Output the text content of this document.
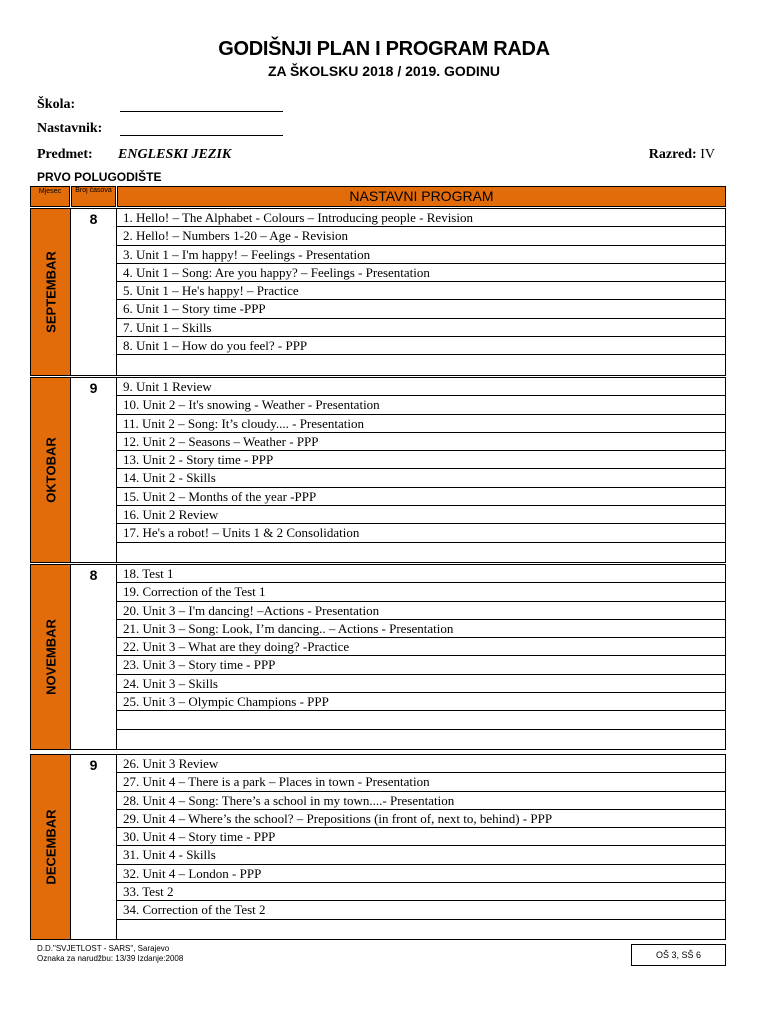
GODIŠNJI PLAN I PROGRAM RADA
ZA ŠKOLSKU 2018 / 2019. GODINU
Škola:
Nastavnik:
Predmet: ENGLESKI JEZIK	Razred: IV
PRVO POLUGODIŠTE
Mjesec	Broj časova	NASTAVNI PROGRAM
SEPTEMBAR
8	1. Hello! – The Alphabet - Colours – Introducing people - Revision
2. Hello! – Numbers 1-20 – Age - Revision
3. Unit 1 – I'm happy! – Feelings - Presentation
4. Unit 1 – Song: Are you happy? – Feelings - Presentation
5. Unit 1 – He's happy! – Practice
6. Unit 1 – Story time -PPP
7. Unit 1 – Skills
8. Unit 1 – How do you feel? - PPP
OKTOBAR
9	9. Unit 1 Review
10. Unit 2 – It's snowing - Weather - Presentation
11. Unit 2 – Song: It’s cloudy.... - Presentation
12. Unit 2 – Seasons – Weather - PPP
13. Unit 2 - Story time - PPP
14. Unit 2 - Skills
15. Unit 2 – Months of the year -PPP
16. Unit 2 Review
17. He's a robot! – Units 1 & 2 Consolidation
NOVEMBAR
8	18. Test 1
19. Correction of the Test 1
20. Unit 3 – I'm dancing! –Actions - Presentation
21. Unit 3 – Song: Look, I’m dancing.. – Actions - Presentation
22. Unit 3 – What are they doing? -Practice
23. Unit 3 – Story time - PPP
24. Unit 3 – Skills
25. Unit 3 – Olympic Champions - PPP
DECEMBAR
9	26. Unit 3 Review
27. Unit 4 – There is a park – Places in town - Presentation
28. Unit 4 – Song: There’s a school in my town....- Presentation
29. Unit 4 – Where’s the school? – Prepositions (in front of, next to, behind) - PPP
30. Unit 4 – Story time - PPP
31. Unit 4 - Skills
32. Unit 4 – London - PPP
33. Test 2
34. Correction of the Test 2
D.D."SVJETLOST - SARS", Sarajevo
Oznaka za narudžbu: 13/39 Izdanje:2008	OŠ 3, SŠ 6
